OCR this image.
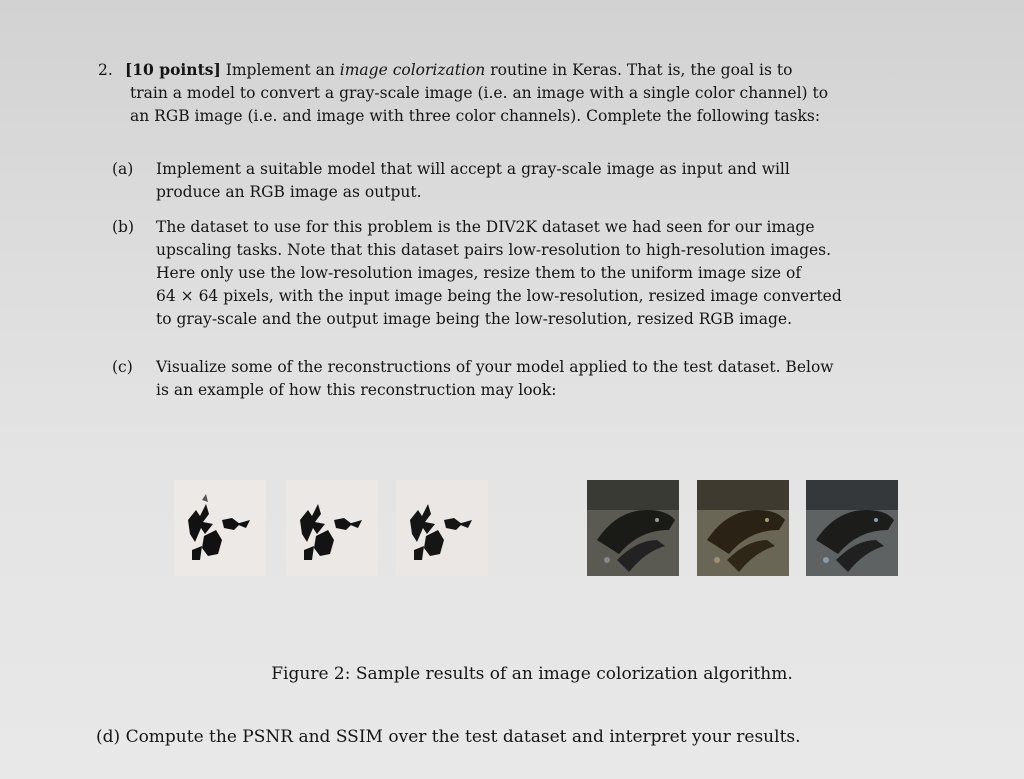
2. [10 points] Implement an image colorization routine in Keras. That is, the goal is to
train a model to convert a gray-scale image (i.e. an image with a single color channel) to
an RGB image (i.e. and image with three color channels). Complete the following tasks:
(a) Implement a suitable model that will accept a gray-scale image as input and will
produce an RGB image as output.
(b) The dataset to use for this problem is the DIV2K dataset we had seen for our image
upscaling tasks. Note that this dataset pairs low-resolution to high-resolution images.
Here only use the low-resolution images, resize them to the uniform image size of
64 × 64 pixels, with the input image being the low-resolution, resized image converted
to gray-scale and the output image being the low-resolution, resized RGB image.
(c) Visualize some of the reconstructions of your model applied to the test dataset. Below
is an example of how this reconstruction may look:
Figure 2: Sample results of an image colorization algorithm.
(d) Compute the PSNR and SSIM over the test dataset and interpret your results.
